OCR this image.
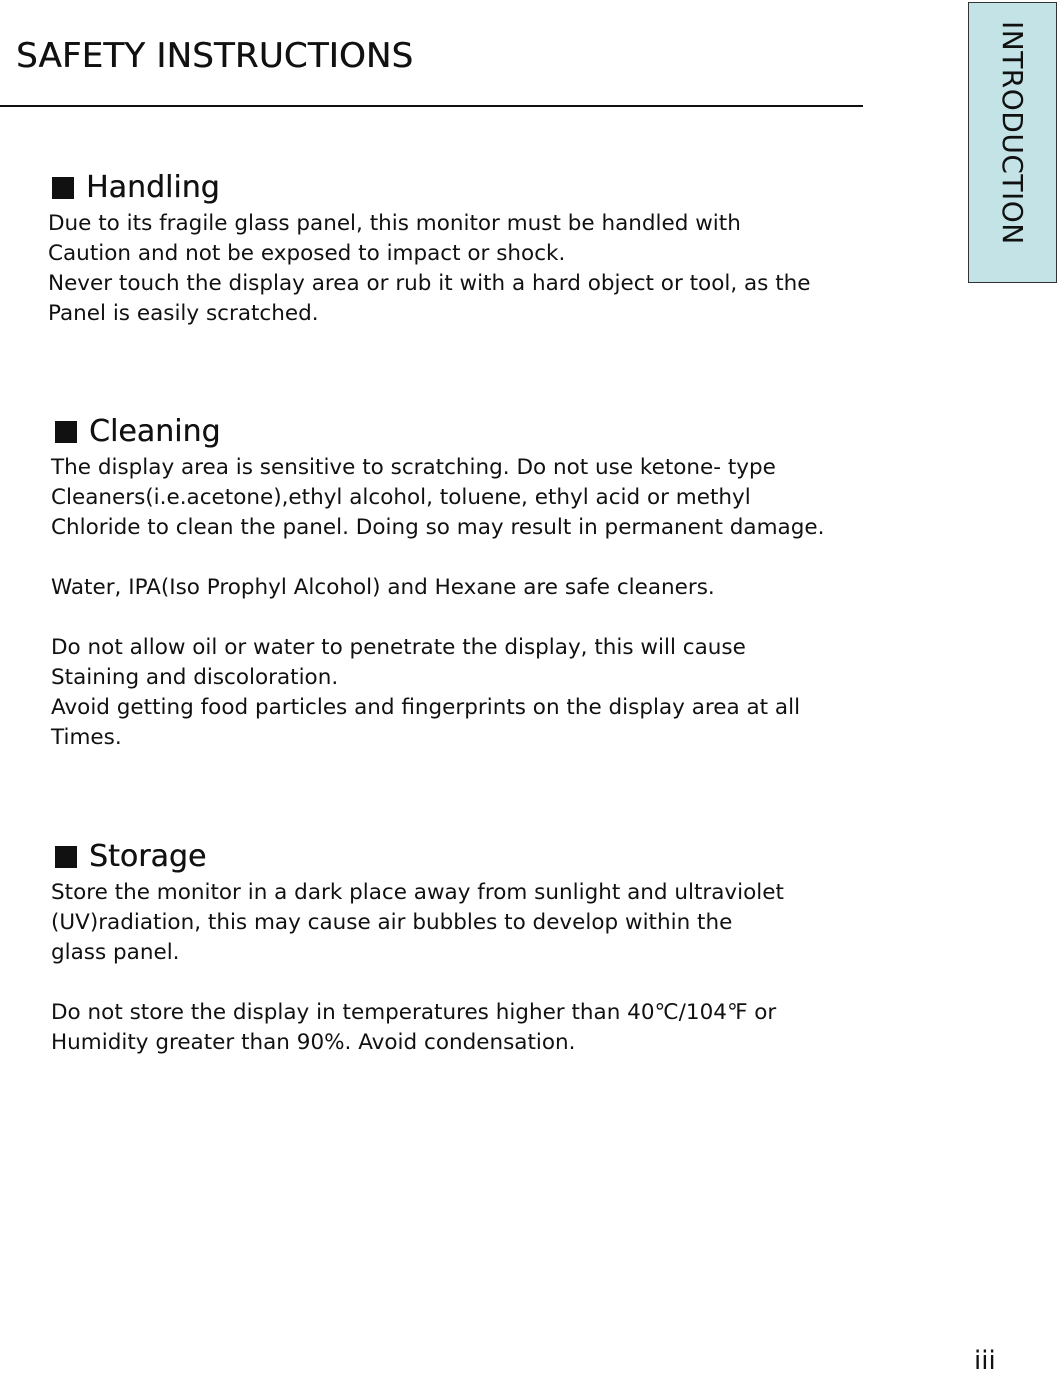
SAFETY INSTRUCTIONS	INTRODUCTION
Handling

Due to its fragile glass panel, this monitor must be handled with
Caution and not be exposed to impact or shock.

Never touch the display area or rub it with a hard object or tool, as the
Panel is easily scratched.

Cleaning

The display area is sensitive to scratching. Do not use ketone- type
Cleaners(i.e.acetone),ethyl alcohol, toluene, ethyl acid or methyl
Chloride to clean the panel. Doing so may result in permanent damage.

Water, IPA(Iso Prophyl Alcohol) and Hexane are safe cleaners.

Do not allow oil or water to penetrate the display, this will cause
Staining and discoloration.

Avoid getting food particles and fingerprints on the display area at all
Times.

Storage

Store the monitor in a dark place away from sunlight and ultraviolet
(UV)radiation, this may cause air bubbles to develop within the
glass panel.

Do not store the display in temperatures higher than 40℃/104℉ or
Humidity greater than 90%. Avoid condensation.

iii
